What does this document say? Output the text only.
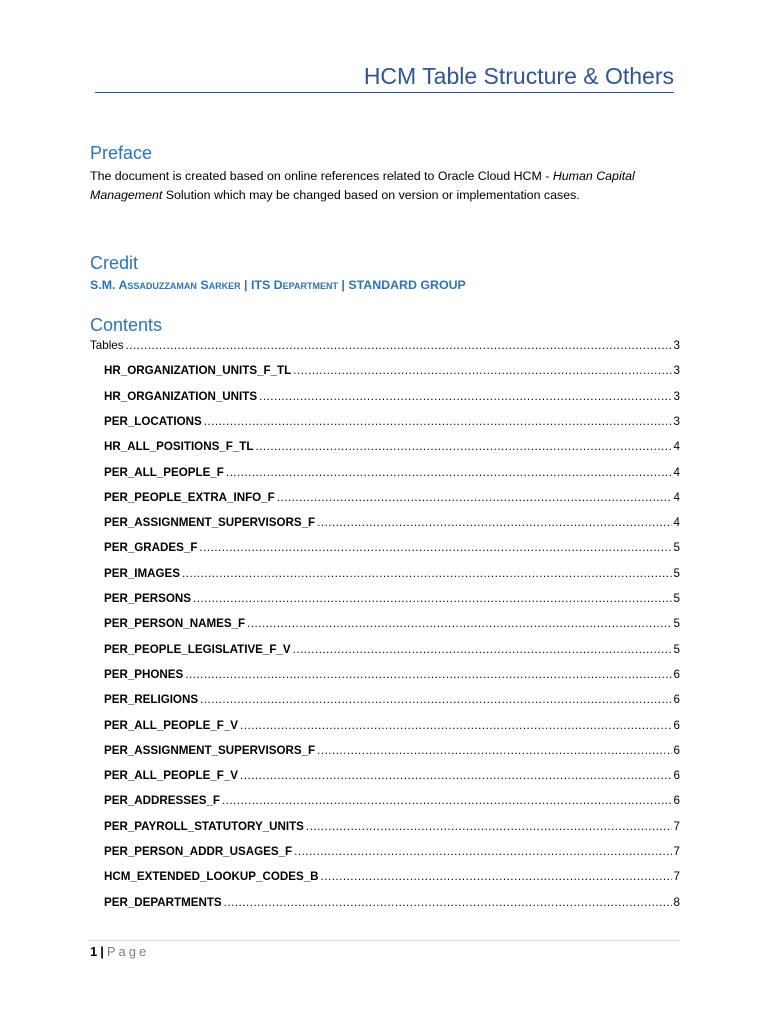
HCM Table Structure & Others
Preface
The document is created based on online references related to Oracle Cloud HCM - Human Capital Management Solution which may be changed based on version or implementation cases.
Credit
S.M. Assaduzzaman Sarker | ITS Department | STANDARD GROUP
Contents
Tables .....	3
HR_ORGANIZATION_UNITS_F_TL .....	3
HR_ORGANIZATION_UNITS .....	3
PER_LOCATIONS .....	3
HR_ALL_POSITIONS_F_TL .....	4
PER_ALL_PEOPLE_F .....	4
PER_PEOPLE_EXTRA_INFO_F .....	4
PER_ASSIGNMENT_SUPERVISORS_F .....	4
PER_GRADES_F .....	5
PER_IMAGES .....	5
PER_PERSONS .....	5
PER_PERSON_NAMES_F .....	5
PER_PEOPLE_LEGISLATIVE_F_V .....	5
PER_PHONES .....	6
PER_RELIGIONS .....	6
PER_ALL_PEOPLE_F_V .....	6
PER_ASSIGNMENT_SUPERVISORS_F .....	6
PER_ALL_PEOPLE_F_V .....	6
PER_ADDRESSES_F .....	6
PER_PAYROLL_STATUTORY_UNITS .....	7
PER_PERSON_ADDR_USAGES_F .....	7
HCM_EXTENDED_LOOKUP_CODES_B .....	7
PER_DEPARTMENTS .....	8
1 | Page
